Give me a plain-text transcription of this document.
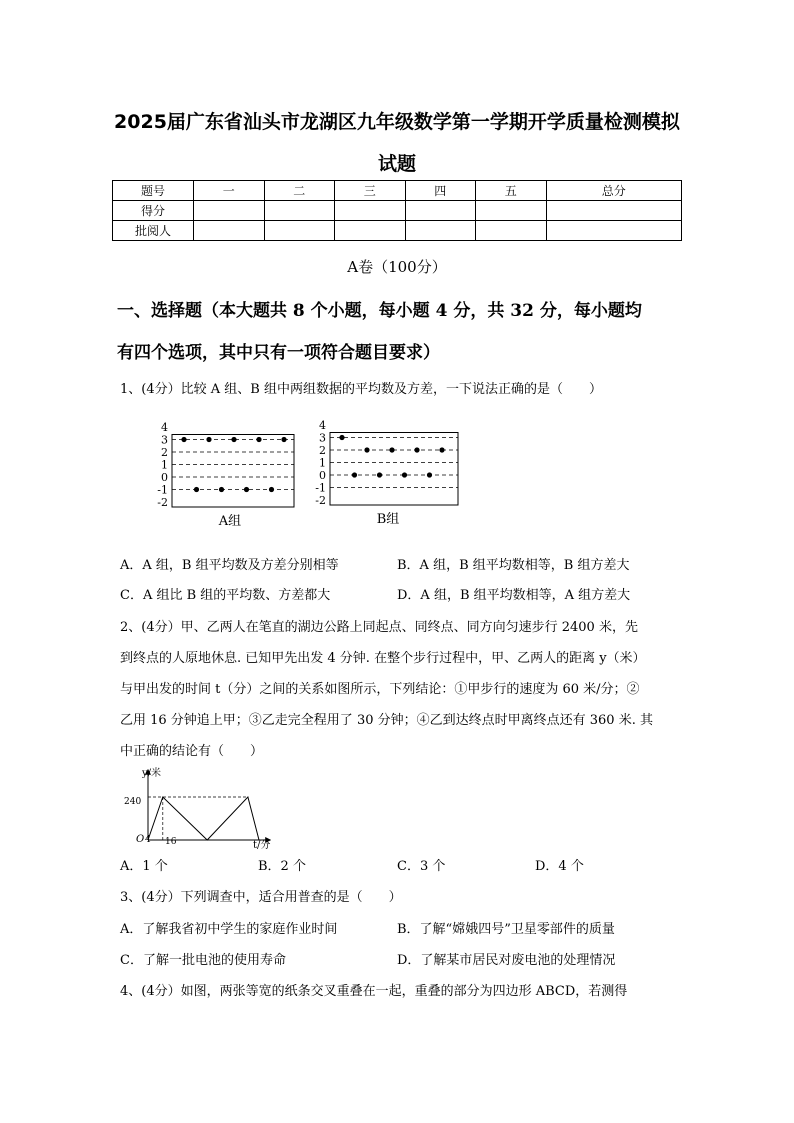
2025届广东省汕头市龙湖区九年级数学第一学期开学质量检测模拟
试题
题号	一	二	三	四	五	总分
得分						
批阅人						
A卷（100分）
一、选择题（本大题共 8 个小题，每小题 4 分，共 32 分，每小题均
有四个选项，其中只有一项符合题目要求）
1、(4分）比较 A 组、B 组中两组数据的平均数及方差，一下说法正确的是（　　）
4
3
2
1
0
-1
-2
4
3
2
1
0
-1
-2
A组	B组
A．A 组，B 组平均数及方差分别相等	B．A 组，B 组平均数相等，B 组方差大
C．A 组比 B 组的平均数、方差都大	D．A 组，B 组平均数相等，A 组方差大
2、(4分）甲、乙两人在笔直的湖边公路上同起点、同终点、同方向匀速步行 2400 米，先
到终点的人原地休息. 已知甲先出发 4 分钟. 在整个步行过程中，甲、乙两人的距离 y（米）
与甲出发的时间 t（分）之间的关系如图所示，下列结论：①甲步行的速度为 60 米/分；②
乙用 16 分钟追上甲；③乙走完全程用了 30 分钟；④乙到达终点时甲离终点还有 360 米. 其
中正确的结论有（　　）
y/米
t/分
O
240
4 16
A．1 个	B．2 个	C．3 个	D．4 个
3、(4分）下列调查中，适合用普查的是（　　）
A．了解我省初中学生的家庭作业时间	B．了解“嫦娥四号”卫星零部件的质量
C．了解一批电池的使用寿命	D．了解某市居民对废电池的处理情况
4、(4分）如图，两张等宽的纸条交叉重叠在一起，重叠的部分为四边形 ABCD，若测得
